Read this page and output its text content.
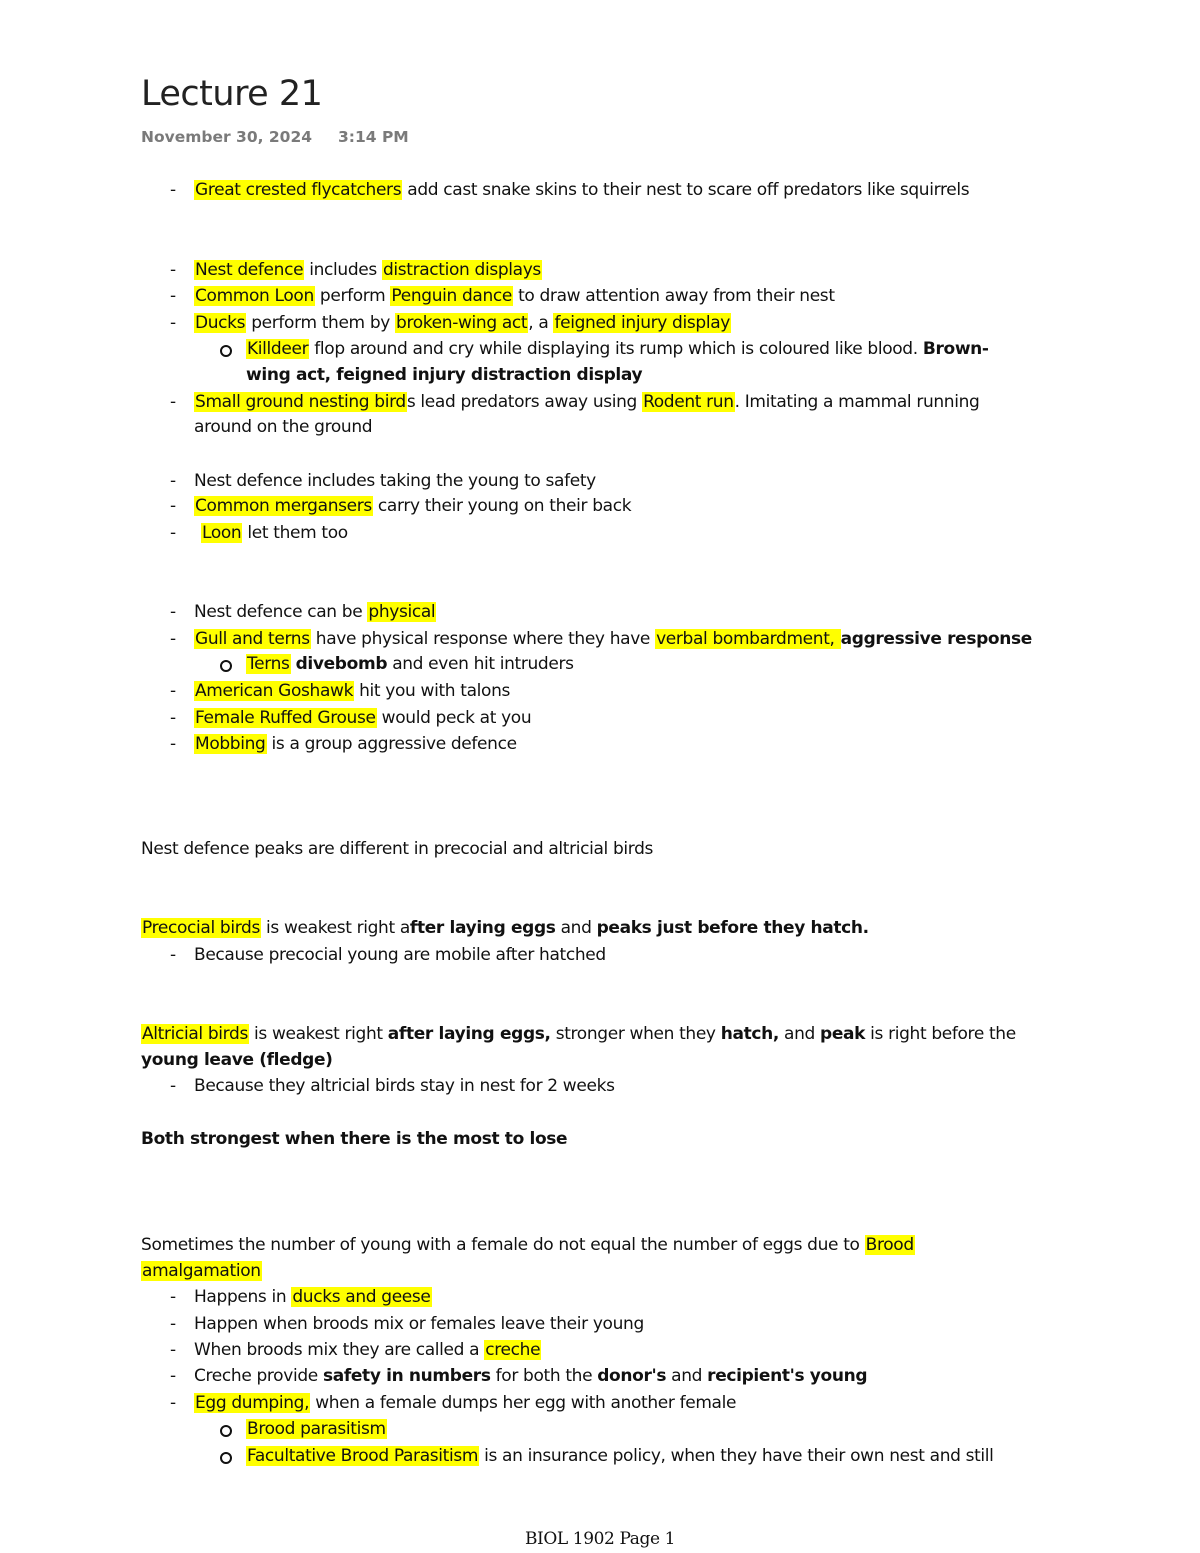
Lecture 21
November 30, 2024 3:14 PM
- Great crested flycatchers add cast snake skins to their nest to scare off predators like squirrels
- Nest defence includes distraction displays
- Common Loon perform Penguin dance to draw attention away from their nest
- Ducks perform them by broken-wing act, a feigned injury display
Killdeer flop around and cry while displaying its rump which is coloured like blood. Brown-
wing act, feigned injury distraction display
- Small ground nesting birds lead predators away using Rodent run. Imitating a mammal running
around on the ground
- Nest defence includes taking the young to safety
- Common mergansers carry their young on their back
- Loon let them too
- Nest defence can be physical
- Gull and terns have physical response where they have verbal bombardment, aggressive response
Terns divebomb and even hit intruders
- American Goshawk hit you with talons
- Female Ruffed Grouse would peck at you
- Mobbing is a group aggressive defence
Nest defence peaks are different in precocial and altricial birds
Precocial birds is weakest right after laying eggs and peaks just before they hatch.
- Because precocial young are mobile after hatched
Altricial birds is weakest right after laying eggs, stronger when they hatch, and peak is right before the
young leave (fledge)
- Because they altricial birds stay in nest for 2 weeks
Both strongest when there is the most to lose
Sometimes the number of young with a female do not equal the number of eggs due to Brood
amalgamation
- Happens in ducks and geese
- Happen when broods mix or females leave their young
- When broods mix they are called a creche
- Creche provide safety in numbers for both the donor's and recipient's young
- Egg dumping, when a female dumps her egg with another female
Brood parasitism
Facultative Brood Parasitism is an insurance policy, when they have their own nest and still
BIOL 1902 Page 1
